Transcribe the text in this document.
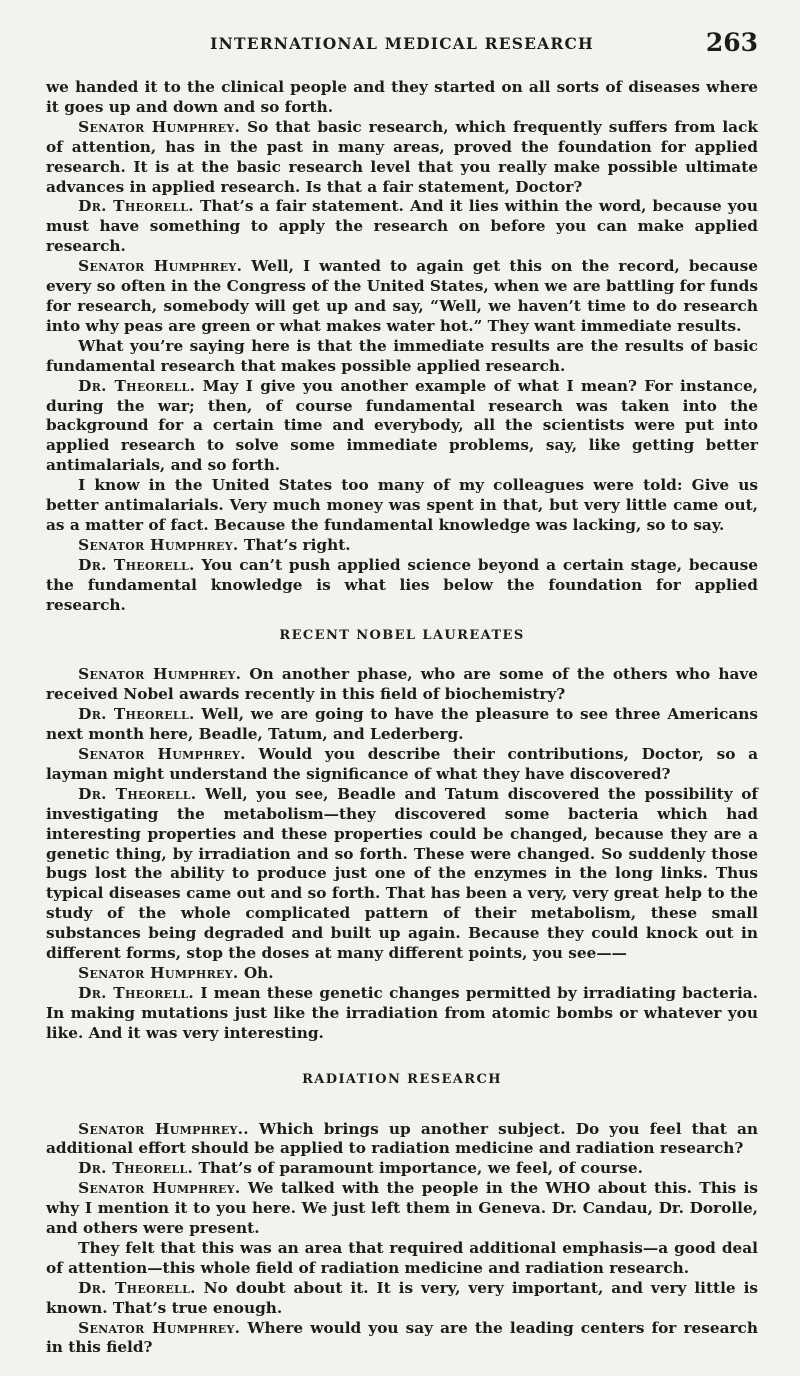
INTERNATIONAL MEDICAL RESEARCH	263

we handed it to the clinical people and they started on all sorts of diseases where it goes up and down and so forth.

Senator Humphrey. So that basic research, which frequently suffers from lack of attention, has in the past in many areas, proved the foundation for applied research. It is at the basic research level that you really make possible ultimate advances in applied research. Is that a fair statement, Doctor?

Dr. Theorell. That’s a fair statement. And it lies within the word, because you must have something to apply the research on before you can make applied research.

Senator Humphrey. Well, I wanted to again get this on the record, because every so often in the Congress of the United States, when we are battling for funds for research, somebody will get up and say, “Well, we haven’t time to do research into why peas are green or what makes water hot.” They want immediate results.

What you’re saying here is that the immediate results are the results of basic fundamental research that makes possible applied research.

Dr. Theorell. May I give you another example of what I mean? For instance, during the war; then, of course fundamental research was taken into the background for a certain time and everybody, all the scientists were put into applied research to solve some immediate problems, say, like getting better antimalarials, and so forth.

I know in the United States too many of my colleagues were told: Give us better antimalarials. Very much money was spent in that, but very little came out, as a matter of fact. Because the fundamental knowledge was lacking, so to say.

Senator Humphrey. That’s right.

Dr. Theorell. You can’t push applied science beyond a certain stage, because the fundamental knowledge is what lies below the foundation for applied research.

RECENT NOBEL LAUREATES

Senator Humphrey. On another phase, who are some of the others who have received Nobel awards recently in this field of biochemistry?

Dr. Theorell. Well, we are going to have the pleasure to see three Americans next month here, Beadle, Tatum, and Lederberg.

Senator Humphrey. Would you describe their contributions, Doctor, so a layman might understand the significance of what they have discovered?

Dr. Theorell. Well, you see, Beadle and Tatum discovered the possibility of investigating the metabolism—they discovered some bacteria which had interesting properties and these properties could be changed, because they are a genetic thing, by irradiation and so forth. These were changed. So suddenly those bugs lost the ability to produce just one of the enzymes in the long links. Thus typical diseases came out and so forth. That has been a very, very great help to the study of the whole complicated pattern of their metabolism, these small substances being degraded and built up again. Because they could knock out in different forms, stop the doses at many different points, you see——

Senator Humphrey. Oh.

Dr. Theorell. I mean these genetic changes permitted by irradiating bacteria. In making mutations just like the irradiation from atomic bombs or whatever you like. And it was very interesting.

RADIATION RESEARCH

Senator Humphrey.. Which brings up another subject. Do you feel that an additional effort should be applied to radiation medicine and radiation research?

Dr. Theorell. That’s of paramount importance, we feel, of course.

Senator Humphrey. We talked with the people in the WHO about this. This is why I mention it to you here. We just left them in Geneva. Dr. Candau, Dr. Dorolle, and others were present.

They felt that this was an area that required additional emphasis—a good deal of attention—this whole field of radiation medicine and radiation research.

Dr. Theorell. No doubt about it. It is very, very important, and very little is known. That’s true enough.

Senator Humphrey. Where would you say are the leading centers for research in this field?
